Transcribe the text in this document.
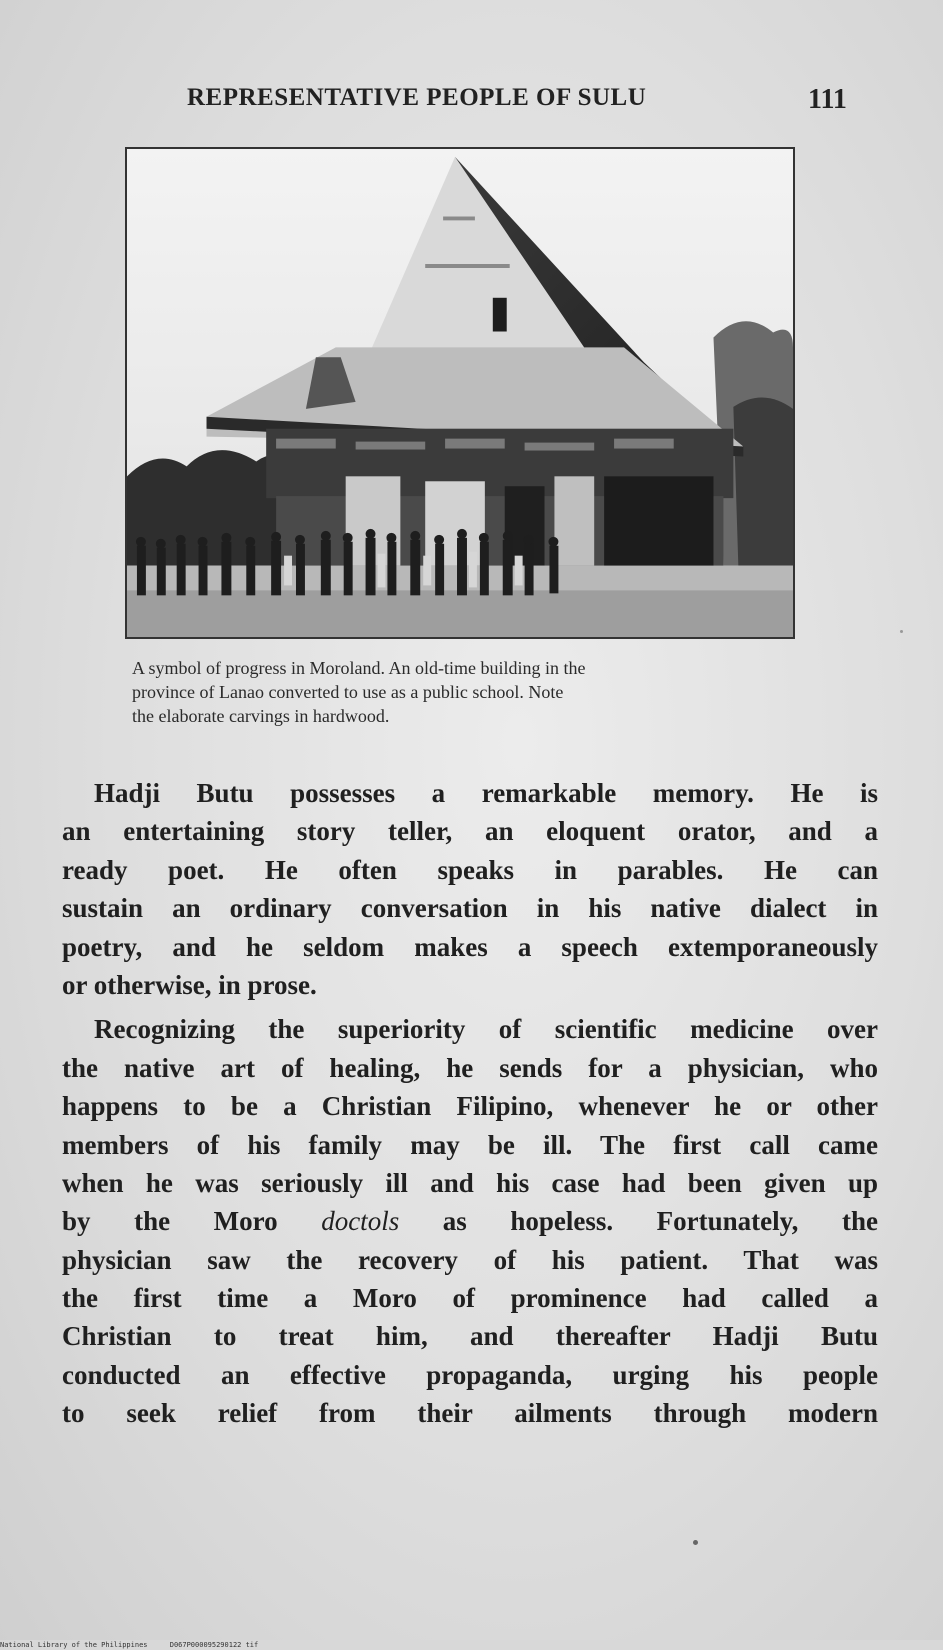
REPRESENTATIVE PEOPLE OF SULU	111
A symbol of progress in Moroland. An old-time building in the
province of Lanao converted to use as a public school. Note
the elaborate carvings in hardwood.
Hadji Butu possesses a remarkable memory. He is
an entertaining story teller, an eloquent orator, and a
ready poet. He often speaks in parables. He can
sustain an ordinary conversation in his native dialect in
poetry, and he seldom makes a speech extemporaneously
or otherwise, in prose.
Recognizing the superiority of scientific medicine over
the native art of healing, he sends for a physician, who
happens to be a Christian Filipino, whenever he or other
members of his family may be ill. The first call came
when he was seriously ill and his case had been given up
by the Moro doctols as hopeless. Fortunately, the
physician saw the recovery of his patient. That was
the first time a Moro of prominence had called a
Christian to treat him, and thereafter Hadji Butu
conducted an effective propaganda, urging his people
to seek relief from their ailments through modern
National Library of the Philippines	D067P000095290122 tif
